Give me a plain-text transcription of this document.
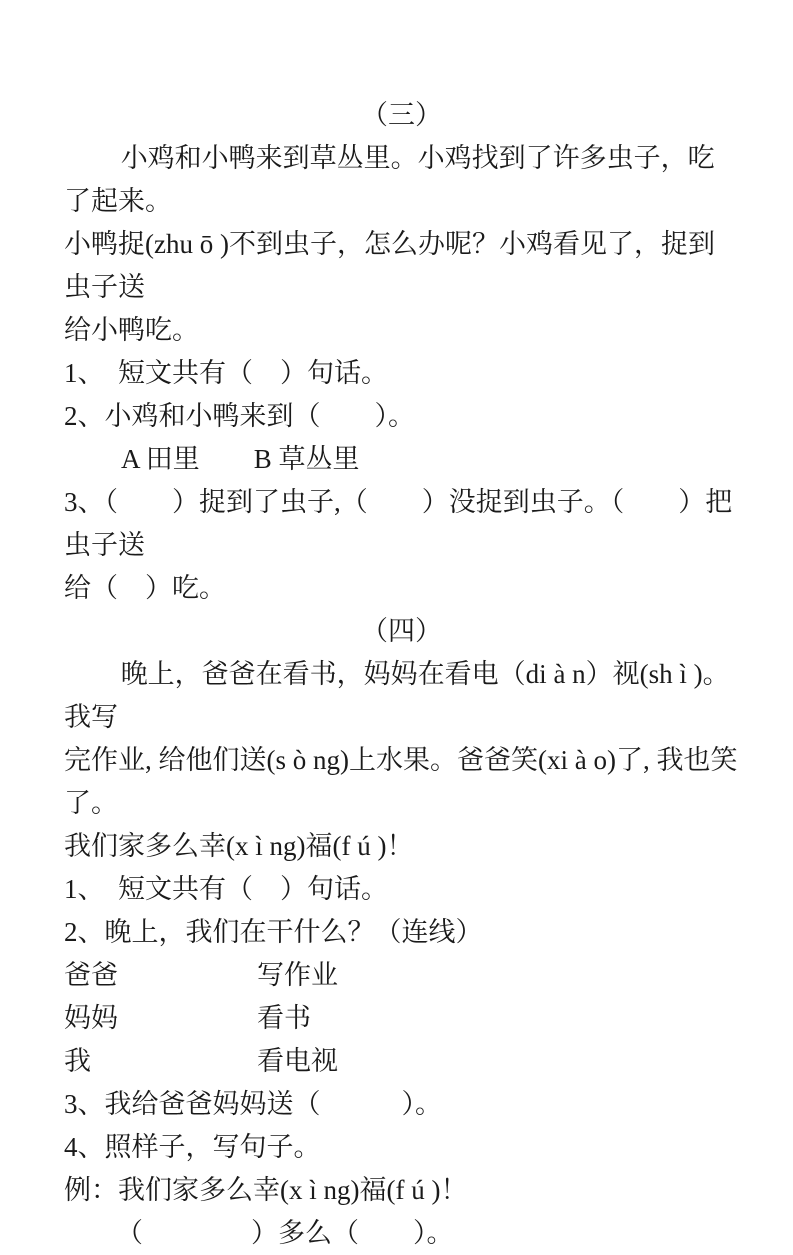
（三）
小鸡和小鸭来到草丛里。小鸡找到了许多虫子，吃了起来。
小鸭捉(zhu ō )不到虫子，怎么办呢？小鸡看见了，捉到虫子送
给小鸭吃。
1、　短文共有（　）句话。
2、小鸡和小鸭来到（　　）。
A 田里　　B 草丛里
3、（　　）捉到了虫子,（　　）没捉到虫子。（　　）把虫子送
给（　）吃。
（四）
晚上，爸爸在看书，妈妈在看电（di à n）视(sh ì )。我写
完作业, 给他们送(s ò ng)上水果。爸爸笑(xi à o)了, 我也笑了。
我们家多么幸(x ì ng)福(f ú )！
1、　短文共有（　）句话。
2、晚上，我们在干什么？（连线）
爸爸	写作业
妈妈	看书
我	看电视
3、我给爸爸妈妈送（　　　）。
4、照样子，写句子。
例：我们家多么幸(x ì ng)福(f ú )！
（　　　　）多么（　　）。
